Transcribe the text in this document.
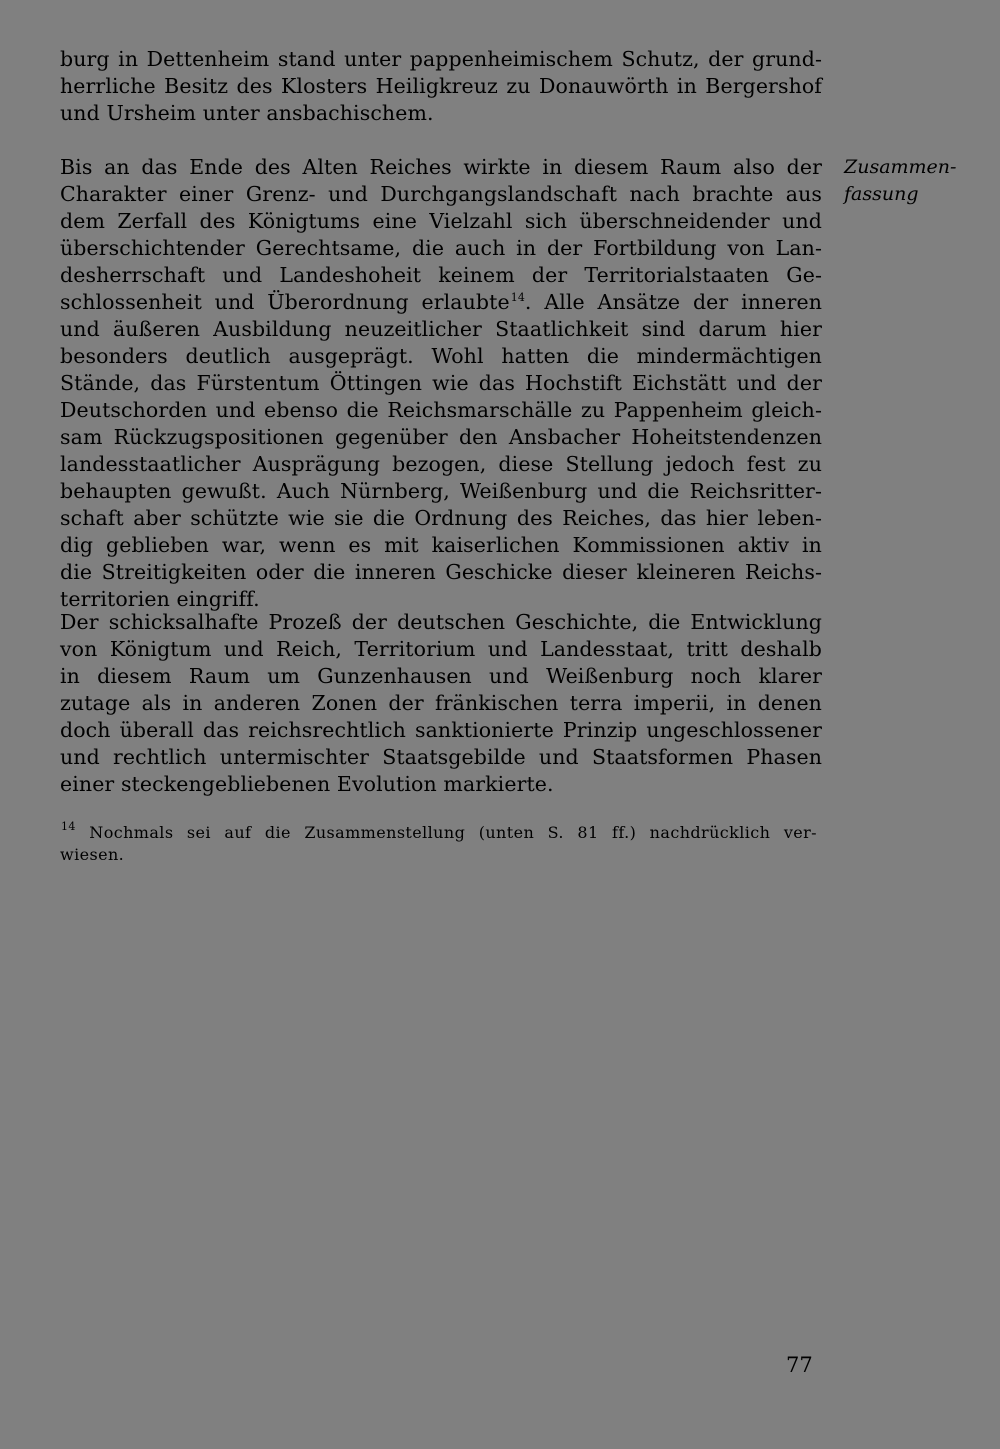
burg in Dettenheim stand unter pappenheimischem Schutz, der grund-
herrliche Besitz des Klosters Heiligkreuz zu Donauwörth in Bergershof
und Ursheim unter ansbachischem.
Bis an das Ende des Alten Reiches wirkte in diesem Raum also der
Charakter einer Grenz- und Durchgangslandschaft nach brachte aus
dem Zerfall des Königtums eine Vielzahl sich überschneidender und
überschichtender Gerechtsame, die auch in der Fortbildung von Lan-
desherrschaft und Landeshoheit keinem der Territorialstaaten Ge-
schlossenheit und Überordnung erlaubte$^{14}$. Alle Ansätze der inneren
und äußeren Ausbildung neuzeitlicher Staatlichkeit sind darum hier
besonders deutlich ausgeprägt. Wohl hatten die mindermächtigen
Stände, das Fürstentum Öttingen wie das Hochstift Eichstätt und der
Deutschorden und ebenso die Reichsmarschälle zu Pappenheim gleich-
sam Rückzugspositionen gegenüber den Ansbacher Hoheitstendenzen
landesstaatlicher Ausprägung bezogen, diese Stellung jedoch fest zu
behaupten gewußt. Auch Nürnberg, Weißenburg und die Reichsritter-
schaft aber schützte wie sie die Ordnung des Reiches, das hier leben-
dig geblieben war, wenn es mit kaiserlichen Kommissionen aktiv in
die Streitigkeiten oder die inneren Geschicke dieser kleineren Reichs-
territorien eingriff.
Zusammen-
fassung
Der schicksalhafte Prozeß der deutschen Geschichte, die Entwicklung
von Königtum und Reich, Territorium und Landesstaat, tritt deshalb
in diesem Raum um Gunzenhausen und Weißenburg noch klarer
zutage als in anderen Zonen der fränkischen terra imperii, in denen
doch überall das reichsrechtlich sanktionierte Prinzip ungeschlossener
und rechtlich untermischter Staatsgebilde und Staatsformen Phasen
einer steckengebliebenen Evolution markierte.
$^{14}$ Nochmals sei auf die Zusammenstellung (unten S. 81 ff.) nachdrücklich ver-
wiesen.
77
